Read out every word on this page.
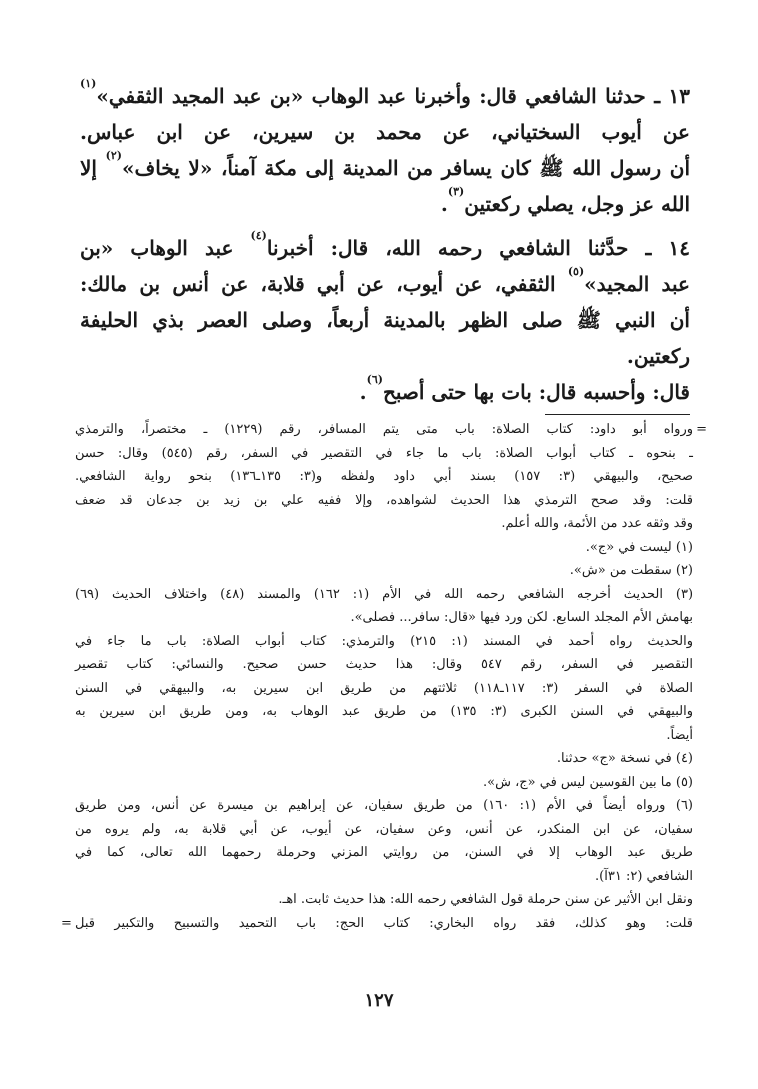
١٣ ـ حدثنا الشافعي قال: وأخبرنا عبد الوهاب «بن عبد المجيد الثقفي»$^{(١)}$
عن أيوب السختياني، عن محمد بن سيرين، عن ابن عباس.
أن رسول الله ﷺ كان يسافر من المدينة إلى مكة آمناً، «لا يخاف»$^{(٢)}$ إلا
الله عز وجل، يصلي ركعتين$^{(٣)}$.
١٤ ـ حدَّثنا الشافعي رحمه الله، قال: أخبرنا$^{(٤)}$ عبد الوهاب «بن
عبد المجيد»$^{(٥)}$ الثقفي، عن أيوب، عن أبي قلابة، عن أنس بن مالك:
أن النبي ﷺ صلى الظهر بالمدينة أربعاً، وصلى العصر بذي الحليفة
ركعتين.
قال: وأحسبه قال: بات بها حتى أصبح$^{(٦)}$.
=
ورواه أبو داود: كتاب الصلاة: باب متى يتم المسافر، رقم (١٢٢٩) ـ مختصراً، والترمذي
ـ بنحوه ـ كتاب أبواب الصلاة: باب ما جاء في التقصير في السفر، رقم (٥٤٥) وقال: حسن
صحيح، والبيهقي (٣: ١٥٧) بسند أبي داود ولفظه و(٣: ١٣٥ـ١٣٦) بنحو رواية الشافعي.
قلت: وقد صحح الترمذي هذا الحديث لشواهده، وإلا ففيه علي بن زيد بن جدعان قد ضعف
وقد وثقه عدد من الأئمة، والله أعلم.
(١) ليست في «ج».
(٢) سقطت من «ش».
(٣) الحديث أخرجه الشافعي رحمه الله في الأم (١: ١٦٢) والمسند (٤٨) واختلاف الحديث (٦٩)
بهامش الأم المجلد السابع. لكن ورد فيها «قال: سافر... فصلى».
والحديث رواه أحمد في المسند (١: ٢١٥) والترمذي: كتاب أبواب الصلاة: باب ما جاء في
التقصير في السفر، رقم ٥٤٧ وقال: هذا حديث حسن صحيح. والنسائي: كتاب تقصير
الصلاة في السفر (٣: ١١٧ـ١١٨) ثلاثتهم من طريق ابن سيرين به، والبيهقي في السنن
والبيهقي في السنن الكبرى (٣: ١٣٥) من طريق عبد الوهاب به، ومن طريق ابن سيرين به
أيضاً.
(٤) في نسخة «ج» حدثنا.
(٥) ما بين القوسين ليس في «ج، ش».
(٦) ورواه أيضاً في الأم (١: ١٦٠) من طريق سفيان، عن إبراهيم بن ميسرة عن أنس، ومن طريق
سفيان، عن ابن المنكدر، عن أنس، وعن سفيان، عن أيوب، عن أبي قلابة به، ولم يروه من
طريق عبد الوهاب إلا في السنن، من روايتي المزني وحرملة رحمهما الله تعالى، كما في
الشافعي (٢: ٣١آ).
ونقل ابن الأثير عن سنن حرملة قول الشافعي رحمه الله: هذا حديث ثابت. اهـ.
قلت: وهو كذلك، فقد رواه البخاري: كتاب الحج: باب التحميد والتسبيح والتكبير قبل
=
١٢٧
